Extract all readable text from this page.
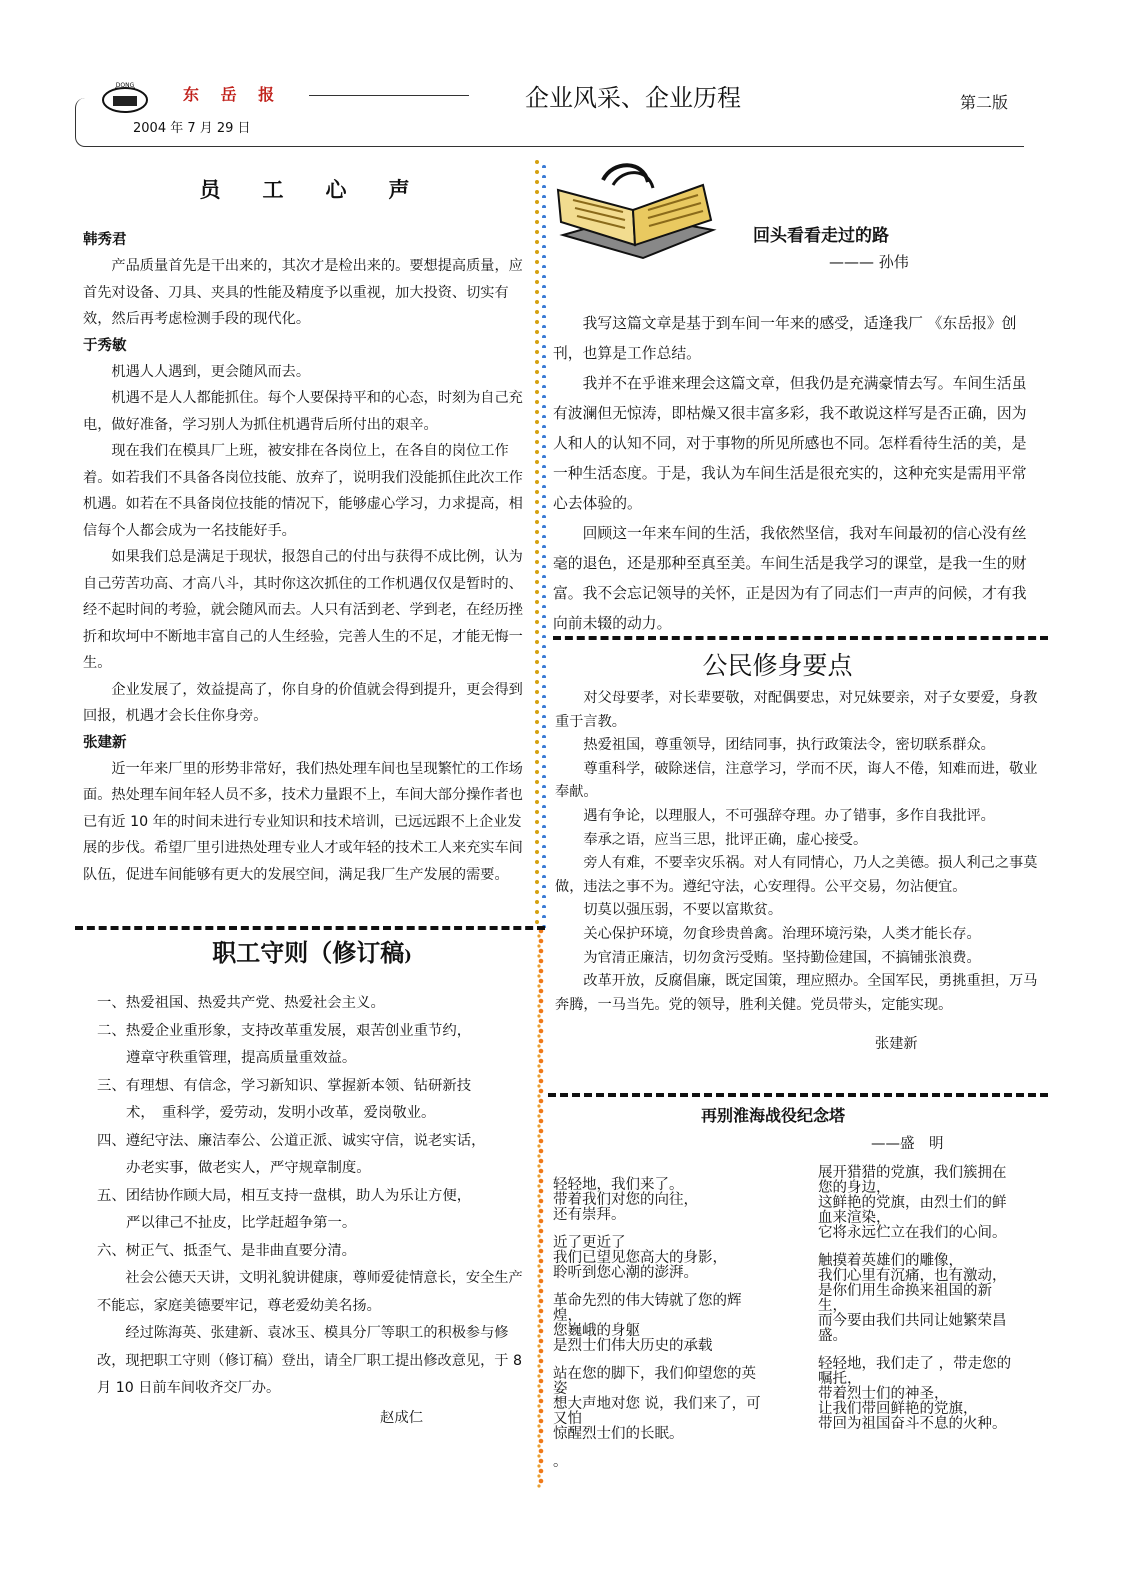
DONG	东 岳 报
2004 年 7 月 29 日
企业风采、企业历程	第二版
员　　工　　心　　声
韩秀君

产品质量首先是干出来的，其次才是检出来的。要想提高质量，应首先对设备、刀具、夹具的性能及精度予以重视，加大投资、切实有效，然后再考虑检测手段的现代化。

于秀敏

机遇人人遇到，更会随风而去。

机遇不是人人都能抓住。每个人要保持平和的心态，时刻为自己充电，做好准备，学习别人为抓住机遇背后所付出的艰辛。

现在我们在模具厂上班，被安排在各岗位上，在各自的岗位工作着。如若我们不具备各岗位技能、放弃了，说明我们没能抓住此次工作机遇。如若在不具备岗位技能的情况下，能够虚心学习，力求提高，相信每个人都会成为一名技能好手。

如果我们总是满足于现状，报怨自己的付出与获得不成比例，认为自己劳苦功高、才高八斗，其时你这次抓住的工作机遇仅仅是暂时的、经不起时间的考验，就会随风而去。人只有活到老、学到老，在经历挫折和坎坷中不断地丰富自己的人生经验，完善人生的不足，才能无悔一生。

企业发展了，效益提高了，你自身的价值就会得到提升，更会得到回报，机遇才会长住你身旁。

张建新

近一年来厂里的形势非常好，我们热处理车间也呈现繁忙的工作场面。热处理车间年轻人员不多，技术力量跟不上，车间大部分操作者也已有近 10 年的时间未进行专业知识和技术培训，已远远跟不上企业发展的步伐。希望厂里引进热处理专业人才或年轻的技术工人来充实车间队伍，促进车间能够有更大的发展空间，满足我厂生产发展的需要。

职工守则（修订稿)
一、热爱祖国、热爱共产党、热爱社会主义。
二、热爱企业重形象，支持改革重发展，艰苦创业重节约，
遵章守秩重管理，提高质量重效益。
三、有理想、有信念，学习新知识、掌握新本领、钻研新技
术，　重科学，爱劳动，发明小改革，爱岗敬业。
四、遵纪守法、廉洁奉公、公道正派、诚实守信，说老实话，
办老实事，做老实人，严守规章制度。
五、团结协作顾大局，相互支持一盘棋，助人为乐让方便，
严以律己不扯皮，比学赶超争第一。
六、树正气、抵歪气、是非曲直要分清。

社会公德天天讲，文明礼貌讲健康，尊师爱徒情意长，安全生产不能忘，家庭美德要牢记，尊老爱幼美名扬。

经过陈海英、张建新、袁冰玉、模具分厂等职工的积极参与修改，现把职工守则（修订稿）登出，请全厂职工提出修改意见，于 8 月 10 日前车间收齐交厂办。

赵成仁
回头看看走过的路
——— 孙伟

我写这篇文章是基于到车间一年来的感受，适逢我厂 《东岳报》创刊，也算是工作总结。

我并不在乎谁来理会这篇文章，但我仍是充满豪情去写。车间生活虽有波澜但无惊涛，即枯燥又很丰富多彩，我不敢说这样写是否正确，因为人和人的认知不同，对于事物的所见所感也不同。怎样看待生活的美，是一种生活态度。于是，我认为车间生活是很充实的，这种充实是需用平常心去体验的。

回顾这一年来车间的生活，我依然坚信，我对车间最初的信心没有丝毫的退色，还是那种至真至美。车间生活是我学习的课堂，是我一生的财富。我不会忘记领导的关怀，正是因为有了同志们一声声的问候，才有我向前未辍的动力。

公民修身要点

对父母要孝，对长辈要敬，对配偶要忠，对兄妹要亲，对子女要爱，身教重于言教。

热爱祖国，尊重领导，团结同事，执行政策法令，密切联系群众。

尊重科学，破除迷信，注意学习，学而不厌，诲人不倦，知难而进，敬业奉献。

遇有争论，以理服人，不可强辞夺理。办了错事，多作自我批评。

奉承之语，应当三思，批评正确，虚心接受。

旁人有难，不要幸灾乐祸。对人有同情心，乃人之美德。损人利己之事莫做，违法之事不为。遵纪守法，心安理得。公平交易，勿沾便宜。

切莫以强压弱，不要以富欺贫。

关心保护环境，勿食珍贵兽禽。治理环境污染，人类才能长存。

为官清正廉洁，切勿贪污受贿。坚持勤俭建国，不搞铺张浪费。

改革开放，反腐倡廉，既定国策，理应照办。全国军民，勇挑重担，万马奔腾，一马当先。党的领导，胜利关健。党员带头，定能实现。

张建新
再别淮海战役纪念塔
——盛　明

轻轻地，我们来了。

带着我们对您的向往，

还有崇拜。

近了更近了

我们已望见您高大的身影，

聆听到您心潮的澎湃。

革命先烈的伟大铸就了您的辉

煌，

您巍峨的身躯

是烈士们伟大历史的承载

站在您的脚下，我们仰望您的英

姿

想大声地对您 说，我们来了，可

又怕

惊醒烈士们的长眠。

。

展开猎猎的党旗，我们簇拥在

您的身边，

这鲜艳的党旗，由烈士们的鲜

血来渲染，

它将永远伫立在我们的心间。

触摸着英雄们的雕像，

我们心里有沉痛，也有激动，

是你们用生命换来祖国的新

生，

而今要由我们共同让她繁荣昌

盛。

轻轻地，我们走了 ，带走您的

嘱托，

带着烈士们的神圣，

让我们带回鲜艳的党旗，

带回为祖国奋斗不息的火种。
